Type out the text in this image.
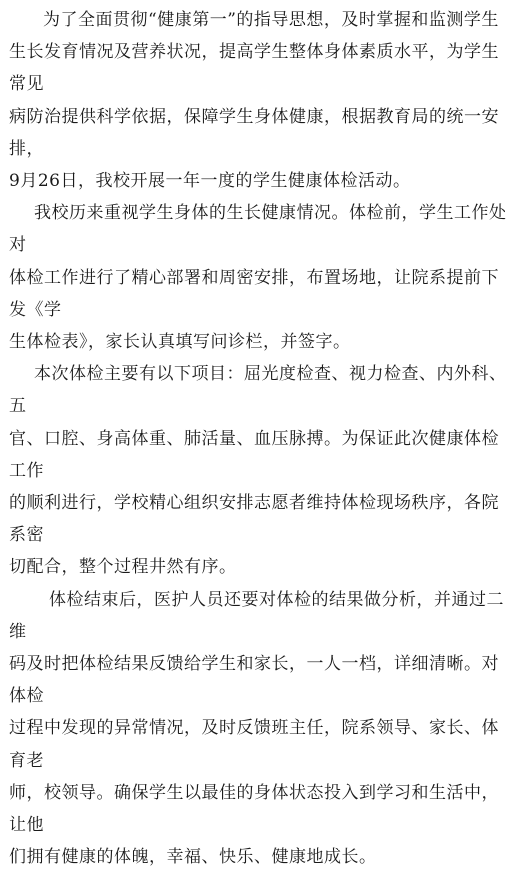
为了全面贯彻“健康第一”的指导思想，及时掌握和监测学生
生长发育情况及营养状况，提高学生整体身体素质水平，为学生常见
病防治提供科学依据，保障学生身体健康，根据教育局的统一安排，
9月26日，我校开展一年一度的学生健康体检活动。

我校历来重视学生身体的生长健康情况。体检前，学生工作处对
体检工作进行了精心部署和周密安排，布置场地，让院系提前下发《学
生体检表》，家长认真填写问诊栏，并签字。

本次体检主要有以下项目：屈光度检查、视力检查、内外科、五
官、口腔、身高体重、肺活量、血压脉搏。为保证此次健康体检工作
的顺利进行，学校精心组织安排志愿者维持体检现场秩序，各院系密
切配合，整个过程井然有序。

体检结束后，医护人员还要对体检的结果做分析，并通过二维
码及时把体检结果反馈给学生和家长，一人一档，详细清晰。对体检
过程中发现的异常情况，及时反馈班主任，院系领导、家长、体育老
师，校领导。确保学生以最佳的身体状态投入到学习和生活中，让他
们拥有健康的体魄，幸福、快乐、健康地成长。
